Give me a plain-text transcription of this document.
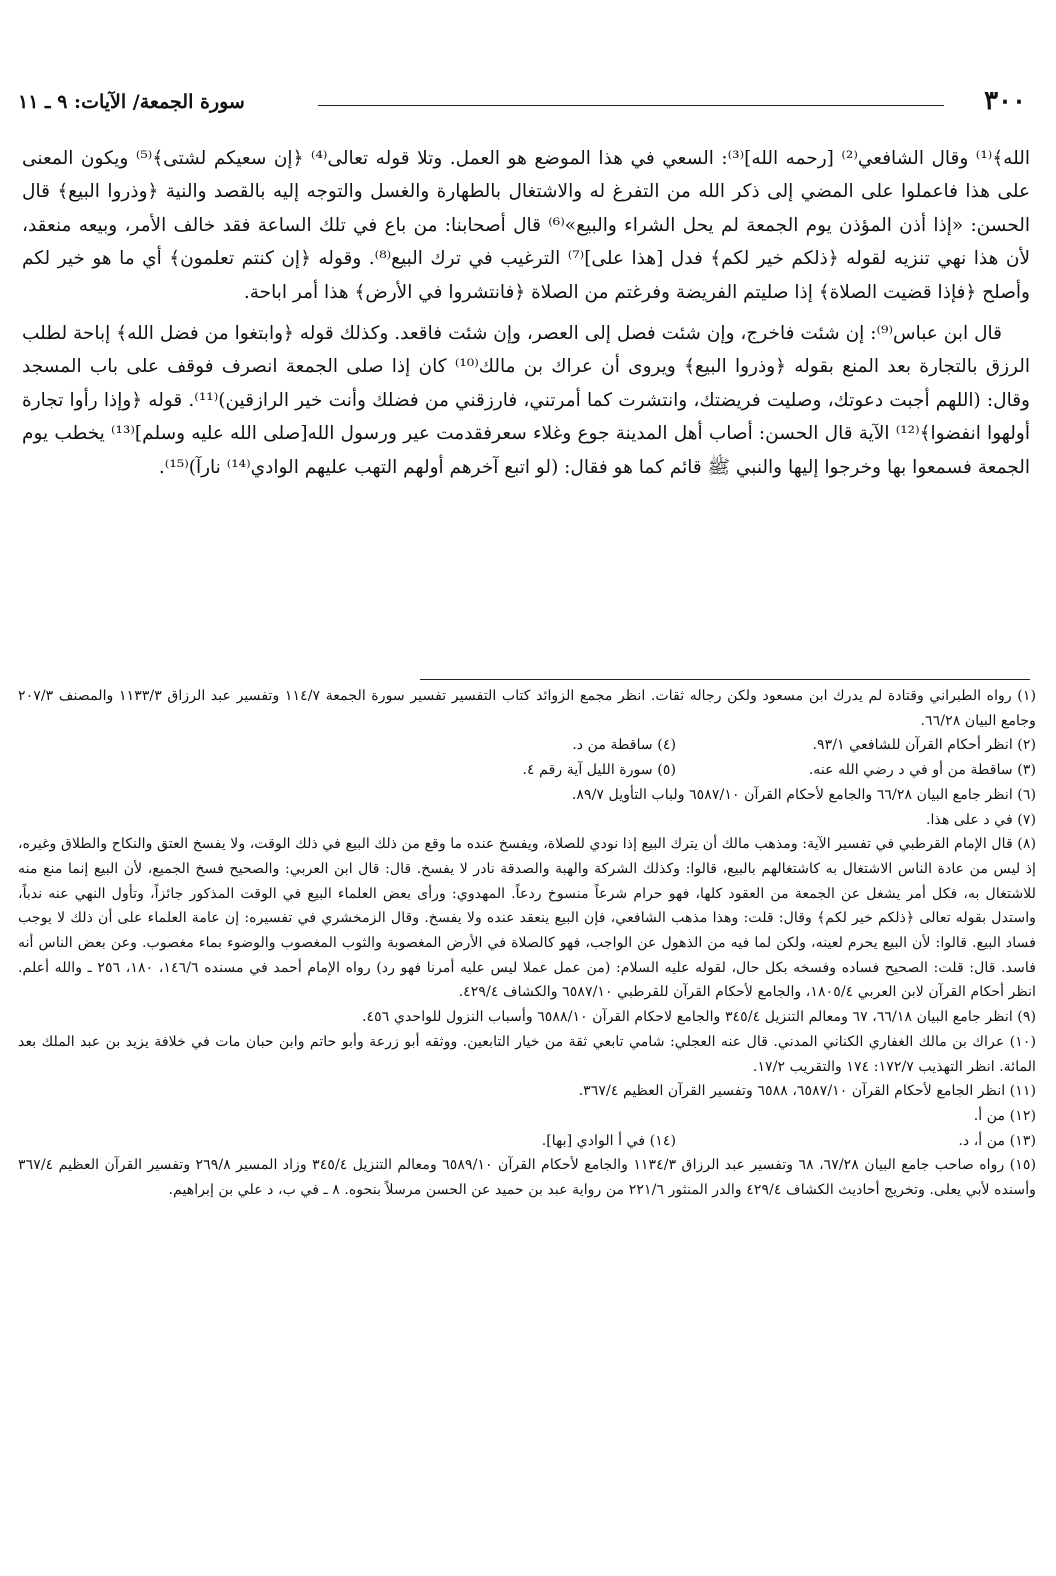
٣٠٠
سورة الجمعة/ الآيات: ٩ ـ ١١

الله﴾⁽¹⁾ وقال الشافعي⁽²⁾ [رحمه الله]⁽³⁾: السعي في هذا الموضع هو العمل. وتلا قوله تعالى⁽⁴⁾ ﴿إن سعيكم لشتى﴾⁽⁵⁾ ويكون المعنى على هذا فاعملوا على المضي إلى ذكر الله من التفرغ له والاشتغال بالطهارة والغسل والتوجه إليه بالقصد والنية ﴿وذروا البيع﴾ قال الحسن: «إذا أذن المؤذن يوم الجمعة لم يحل الشراء والبيع»⁽⁶⁾ قال أصحابنا: من باع في تلك الساعة فقد خالف الأمر، وبيعه منعقد، لأن هذا نهي تنزيه لقوله ﴿ذلكم خير لكم﴾ فدل [هذا على]⁽⁷⁾ الترغيب في ترك البيع⁽⁸⁾. وقوله ﴿إن كنتم تعلمون﴾ أي ما هو خير لكم وأصلح ﴿فإذا قضيت الصلاة﴾ إذا صليتم الفريضة وفرغتم من الصلاة ﴿فانتشروا في الأرض﴾ هذا أمر اباحة.

قال ابن عباس⁽⁹⁾: إن شئت فاخرج، وإن شئت فصل إلى العصر، وإن شئت فاقعد. وكذلك قوله ﴿وابتغوا من فضل الله﴾ إباحة لطلب الرزق بالتجارة بعد المنع بقوله ﴿وذروا البيع﴾ ويروى أن عراك بن مالك⁽¹⁰⁾ كان إذا صلى الجمعة انصرف فوقف على باب المسجد وقال: (اللهم أجبت دعوتك، وصليت فريضتك، وانتشرت كما أمرتني، فارزقني من فضلك وأنت خير الرازقين)⁽¹¹⁾. قوله ﴿وإذا رأوا تجارة أولهوا انفضوا﴾⁽¹²⁾ الآية قال الحسن: أصاب أهل المدينة جوع وغلاء سعرفقدمت عير ورسول الله[صلى الله عليه وسلم]⁽¹³⁾ يخطب يوم الجمعة فسمعوا بها وخرجوا إليها والنبي ﷺ قائم كما هو فقال: (لو اتبع آخرهم أولهم التهب عليهم الوادي⁽¹⁴⁾ نارآ)⁽¹⁵⁾.

(١) رواه الطبراني وقتادة لم يدرك ابن مسعود ولكن رجاله ثقات. انظر مجمع الزوائد كتاب التفسير تفسير سورة الجمعة ١١٤/٧ وتفسير عبد الرزاق ١١٣٣/٣ والمصنف ٢٠٧/٣ وجامع البيان ٦٦/٢٨.

(٢) انظر أحكام القرآن للشافعي ٩٣/١.
(٤) ساقطة من د.
(٣) ساقطة من أو في د رضي الله عنه.
(٥) سورة الليل آية رقم ٤.

(٦) انظر جامع البيان ٦٦/٢٨ والجامع لأحكام القرآن ٦٥٨٧/١٠ ولباب التأويل ٨٩/٧.

(٧) في د على هذا.

(٨) قال الإمام القرطبي في تفسير الآية: ومذهب مالك أن يترك البيع إذا نودي للصلاة، ويفسخ عنده ما وقع من ذلك البيع في ذلك الوقت، ولا يفسخ العتق والنكاح والطلاق وغيره، إذ ليس من عادة الناس الاشتغال به كاشتغالهم بالبيع، قالوا: وكذلك الشركة والهبة والصدقة نادر لا يفسخ. قال: قال ابن العربي: والصحيح فسخ الجميع، لأن البيع إنما منع منه للاشتغال به، فكل أمر يشغل عن الجمعة من العقود كلها، فهو حرام شرعاً منسوخ ردعاً. المهدوي: ورأى بعض العلماء البيع في الوقت المذكور جائزاً، وتأول النهي عنه ندباً، واستدل بقوله تعالى ﴿ذلكم خير لكم﴾ وقال: قلت: وهذا مذهب الشافعي، فإن البيع ينعقد عنده ولا يفسخ. وقال الزمخشري في تفسيره: إن عامة العلماء على أن ذلك لا يوجب فساد البيع. قالوا: لأن البيع يحرم لعينه، ولكن لما فيه من الذهول عن الواجب، فهو كالصلاة في الأرض المغصوبة والثوب المغصوب والوضوء بماء مغصوب. وعن بعض الناس أنه فاسد. قال: قلت: الصحيح فساده وفسخه بكل حال، لقوله عليه السلام: (من عمل عملا ليس عليه أمرنا فهو رد) رواه الإمام أحمد في مسنده ١٤٦/٦، ١٨٠، ٢٥٦ ـ والله أعلم. انظر أحكام القرآن لابن العربي ١٨٠٥/٤، والجامع لأحكام القرآن للقرطبي ٦٥٨٧/١٠ والكشاف ٤٢٩/٤.

(٩) انظر جامع البيان ٦٦/١٨، ٦٧ ومعالم التنزيل ٣٤٥/٤ والجامع لاحكام القرآن ٦٥٨٨/١٠ وأسباب النزول للواحدي ٤٥٦.

(١٠) عراك بن مالك الغفاري الكناني المدني. قال عنه العجلي: شامي تابعي ثقة من خيار التابعين. ووثقه أبو زرعة وأبو حاتم وابن حبان مات في خلافة يزيد بن عبد الملك بعد المائة. انظر التهذيب ١٧٢/٧: ١٧٤ والتقريب ١٧/٢.

(١١) انظر الجامع لأحكام القرآن ٦٥٨٧/١٠، ٦٥٨٨ وتفسير القرآن العظيم ٣٦٧/٤.

(١٢) من أ.

(١٣) من أ، د.
(١٤) في أ الوادي [بها].

(١٥) رواه صاحب جامع البيان ٦٧/٢٨، ٦٨ وتفسير عبد الرزاق ١١٣٤/٣ والجامع لأحكام القرآن ٦٥٨٩/١٠ ومعالم التنزيل ٣٤٥/٤ وزاد المسير ٢٦٩/٨ وتفسير القرآن العظيم ٣٦٧/٤ وأسنده لأبي يعلى. وتخريج أحاديث الكشاف ٤٢٩/٤ والدر المنثور ٢٢١/٦ من رواية عبد بن حميد عن الحسن مرسلاً بنحوه. ٨ ـ في ب، د علي بن إبراهيم.
